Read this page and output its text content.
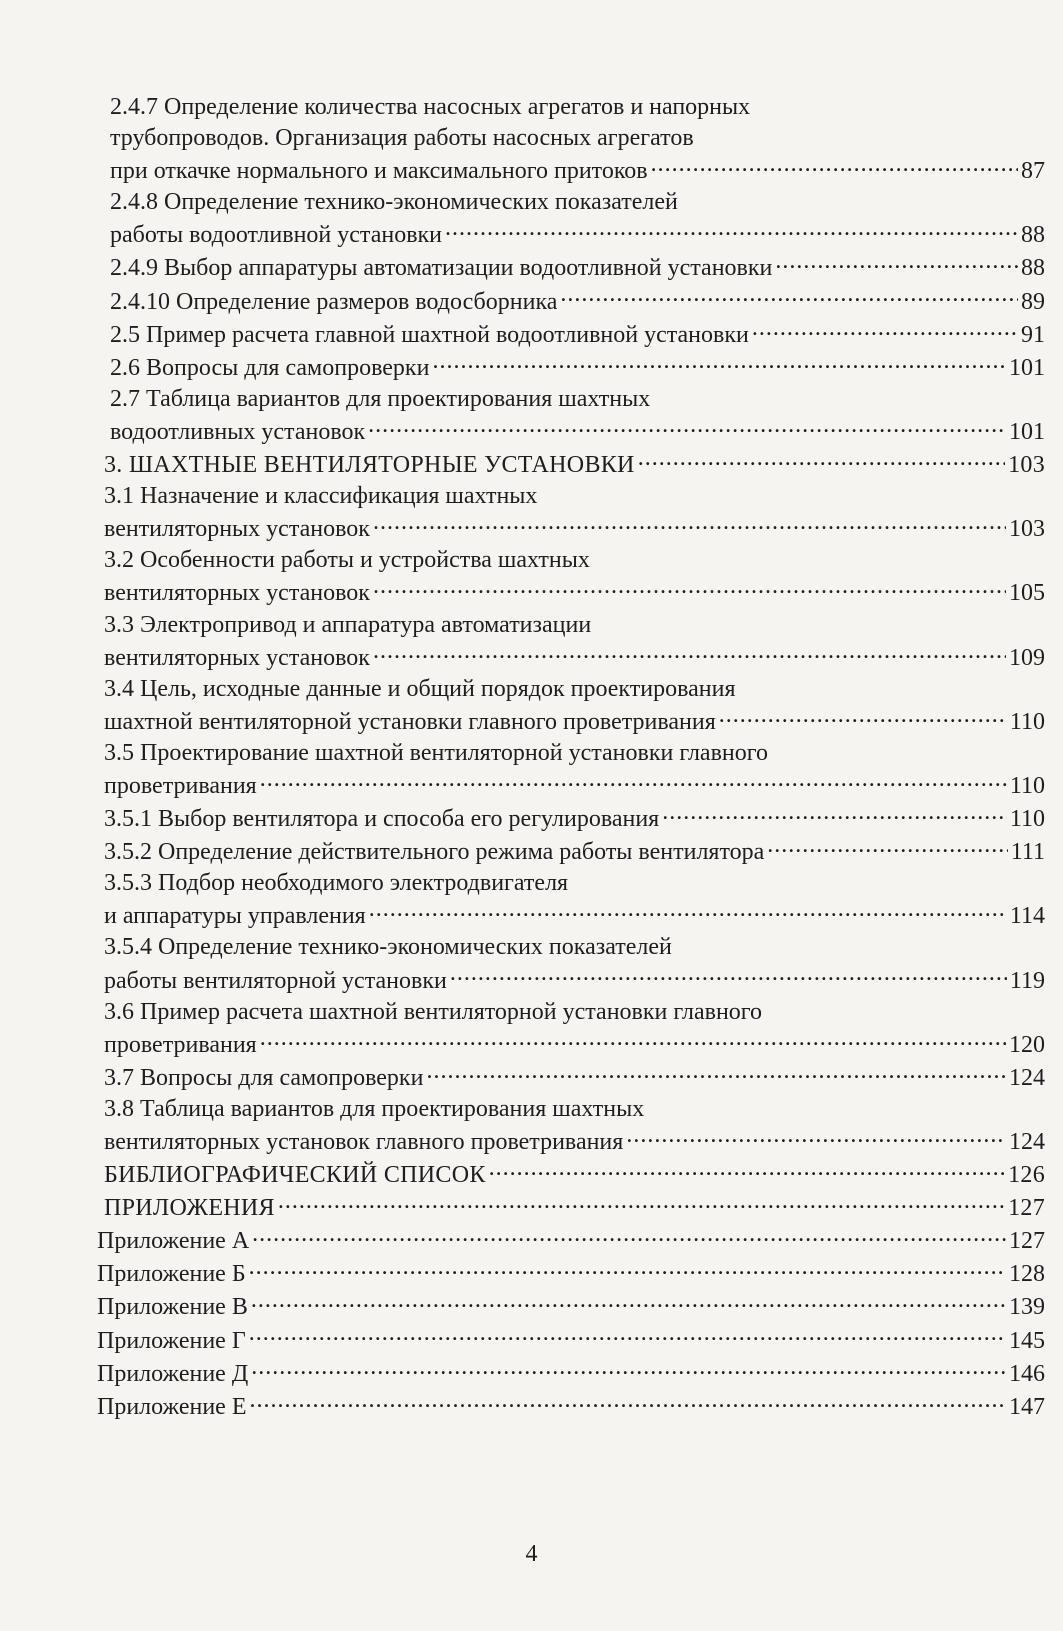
2.4.7 Определение количества насосных агрегатов и напорных
трубопроводов. Организация работы насосных агрегатов
при откачке нормального и максимального притоков .....	87
2.4.8 Определение технико-экономических показателей
работы водоотливной установки .....	88
2.4.9 Выбор аппаратуры автоматизации водоотливной установки .....	88
2.4.10 Определение размеров водосборника .....	89
2.5 Пример расчета главной шахтной водоотливной установки .....	91
2.6 Вопросы для самопроверки .....	101
2.7 Таблица вариантов для проектирования шахтных
водоотливных установок .....	101
3. ШАХТНЫЕ ВЕНТИЛЯТОРНЫЕ УСТАНОВКИ .....	103
3.1 Назначение и классификация шахтных
вентиляторных установок .....	103
3.2 Особенности работы и устройства шахтных
вентиляторных установок .....	105
3.3 Электропривод и аппаратура автоматизации
вентиляторных установок .....	109
3.4 Цель, исходные данные и общий порядок проектирования
шахтной вентиляторной установки главного проветривания .....	110
3.5 Проектирование шахтной вентиляторной установки главного
проветривания .....	110
3.5.1 Выбор вентилятора и способа его регулирования .....	110
3.5.2 Определение действительного режима работы вентилятора .....	111
3.5.3 Подбор необходимого электродвигателя
и аппаратуры управления .....	114
3.5.4 Определение технико-экономических показателей
работы вентиляторной установки .....	119
3.6 Пример расчета шахтной вентиляторной установки главного
проветривания .....	120
3.7 Вопросы для самопроверки .....	124
3.8 Таблица вариантов для проектирования шахтных
вентиляторных установок главного проветривания .....	124
БИБЛИОГРАФИЧЕСКИЙ СПИСОК .....	126
ПРИЛОЖЕНИЯ .....	127
Приложение А .....	127
Приложение Б .....	128
Приложение В .....	139
Приложение Г .....	145
Приложение Д .....	146
Приложение Е .....	147
4
